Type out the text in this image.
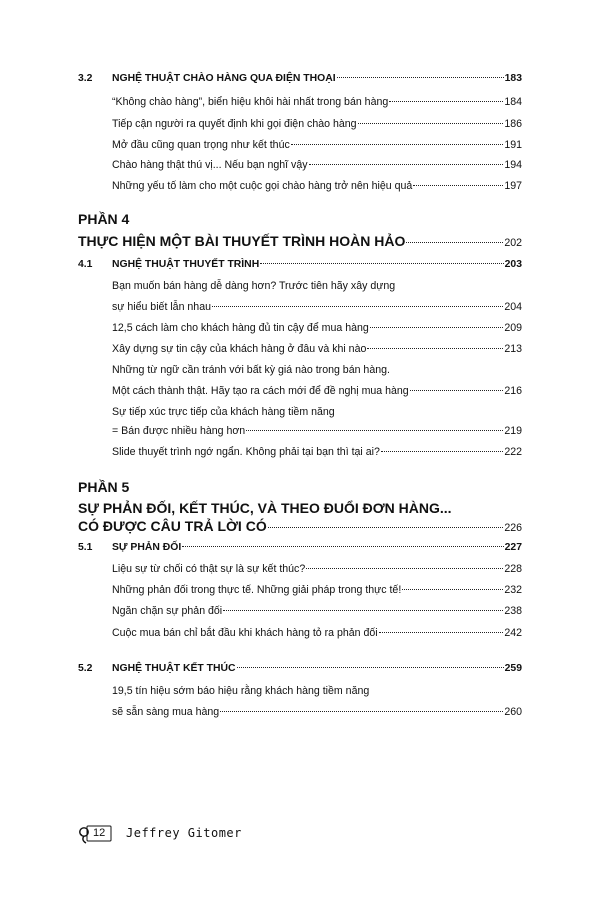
3.2	NGHỆ THUẬT CHÀO HÀNG QUA ĐIỆN THOẠI	183
“Không chào hàng”, biển hiệu khôi hài nhất trong bán hàng	184
Tiếp cận người ra quyết định khi gọi điện chào hàng	186
Mở đầu cũng quan trọng như kết thúc	191
Chào hàng thật thú vị... Nếu bạn nghĩ vậy	194
Những yếu tố làm cho một cuộc gọi chào hàng trở nên hiệu quả	197
PHẦN 4
THỰC HIỆN MỘT BÀI THUYẾT TRÌNH HOÀN HẢO	202
4.1	NGHỆ THUẬT THUYẾT TRÌNH	203
Bạn muốn bán hàng dễ dàng hơn? Trước tiên hãy xây dựng
sự hiểu biết lẫn nhau	204
12,5 cách làm cho khách hàng đủ tin cậy để mua hàng	209
Xây dựng sự tin cậy của khách hàng ở đâu và khi nào	213
Những từ ngữ cần tránh với bất kỳ giá nào trong bán hàng.
Một cách thành thật. Hãy tạo ra cách mới để đề nghị mua hàng	216
Sự tiếp xúc trực tiếp của khách hàng tiềm năng
= Bán được nhiều hàng hơn	219
Slide thuyết trình ngớ ngẩn. Không phải tại bạn thì tại ai?	222
PHẦN 5
SỰ PHẢN ĐỐI, KẾT THÚC, VÀ THEO ĐUỔI ĐƠN HÀNG...
CÓ ĐƯỢC CÂU TRẢ LỜI CÓ	226
5.1	SỰ PHẢN ĐỐI	227
Liệu sự từ chối có thật sự là sự kết thúc?	228
Những phản đối trong thực tế. Những giải pháp trong thực tế!	232
Ngăn chặn sự phản đối	238
Cuộc mua bán chỉ bắt đầu khi khách hàng tỏ ra phản đối	242
5.2	NGHỆ THUẬT KẾT THÚC	259
19,5 tín hiệu sớm báo hiệu rằng khách hàng tiềm năng
sẽ sẵn sàng mua hàng	260
12 Jeffrey Gitomer
